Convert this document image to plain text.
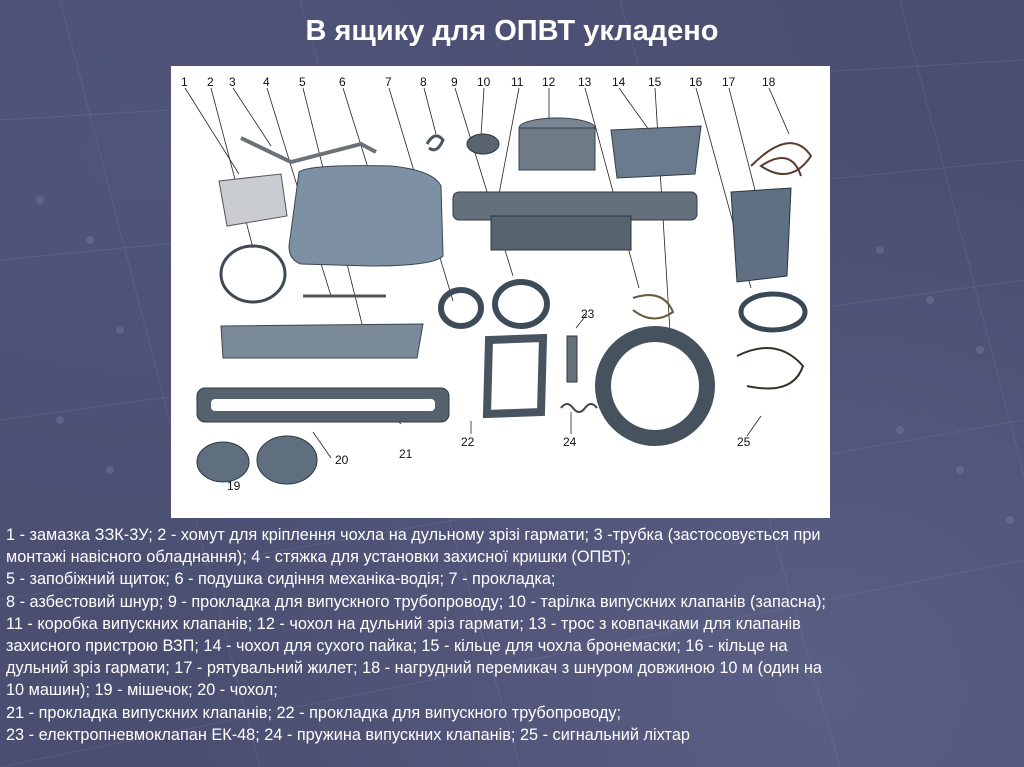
В ящику для ОПВТ укладено
1 2 3 4 5	6	7 8 9 10 11 12 13 14 15 16 17 18
19
20	21
22
23
24	25
1 - замазка ЗЗК-3У; 2 - хомут для кріплення чохла на дульному зрізі гармати; 3 -трубка (застосовується при
монтажі навісного обладнання); 4 - стяжка для установки захисної кришки (ОПВТ);
5 - запобіжний щиток; 6 - подушка сидіння механіка-водія; 7 - прокладка;
8 - азбестовий шнур; 9 - прокладка для випускного трубопроводу; 10 - тарілка випускних клапанів (запасна);
11 - коробка випускних клапанів; 12 - чохол на дульний зріз гармати; 13 - трос з ковпачками для клапанів
захисного пристрою ВЗП; 14 - чохол для сухого пайка; 15 - кільце для чохла бронемаски; 16 - кільце на
дульний зріз гармати; 17 - рятувальний жилет; 18 - нагрудний перемикач з шнуром довжиною 10 м (один на
10 машин); 19 - мішечок; 20 - чохол;
21 - прокладка випускних клапанів; 22 - прокладка для випускного трубопроводу;
23 - електропневмоклапан ЕК-48; 24 - пружина випускних клапанів; 25 - сигнальний ліхтар
